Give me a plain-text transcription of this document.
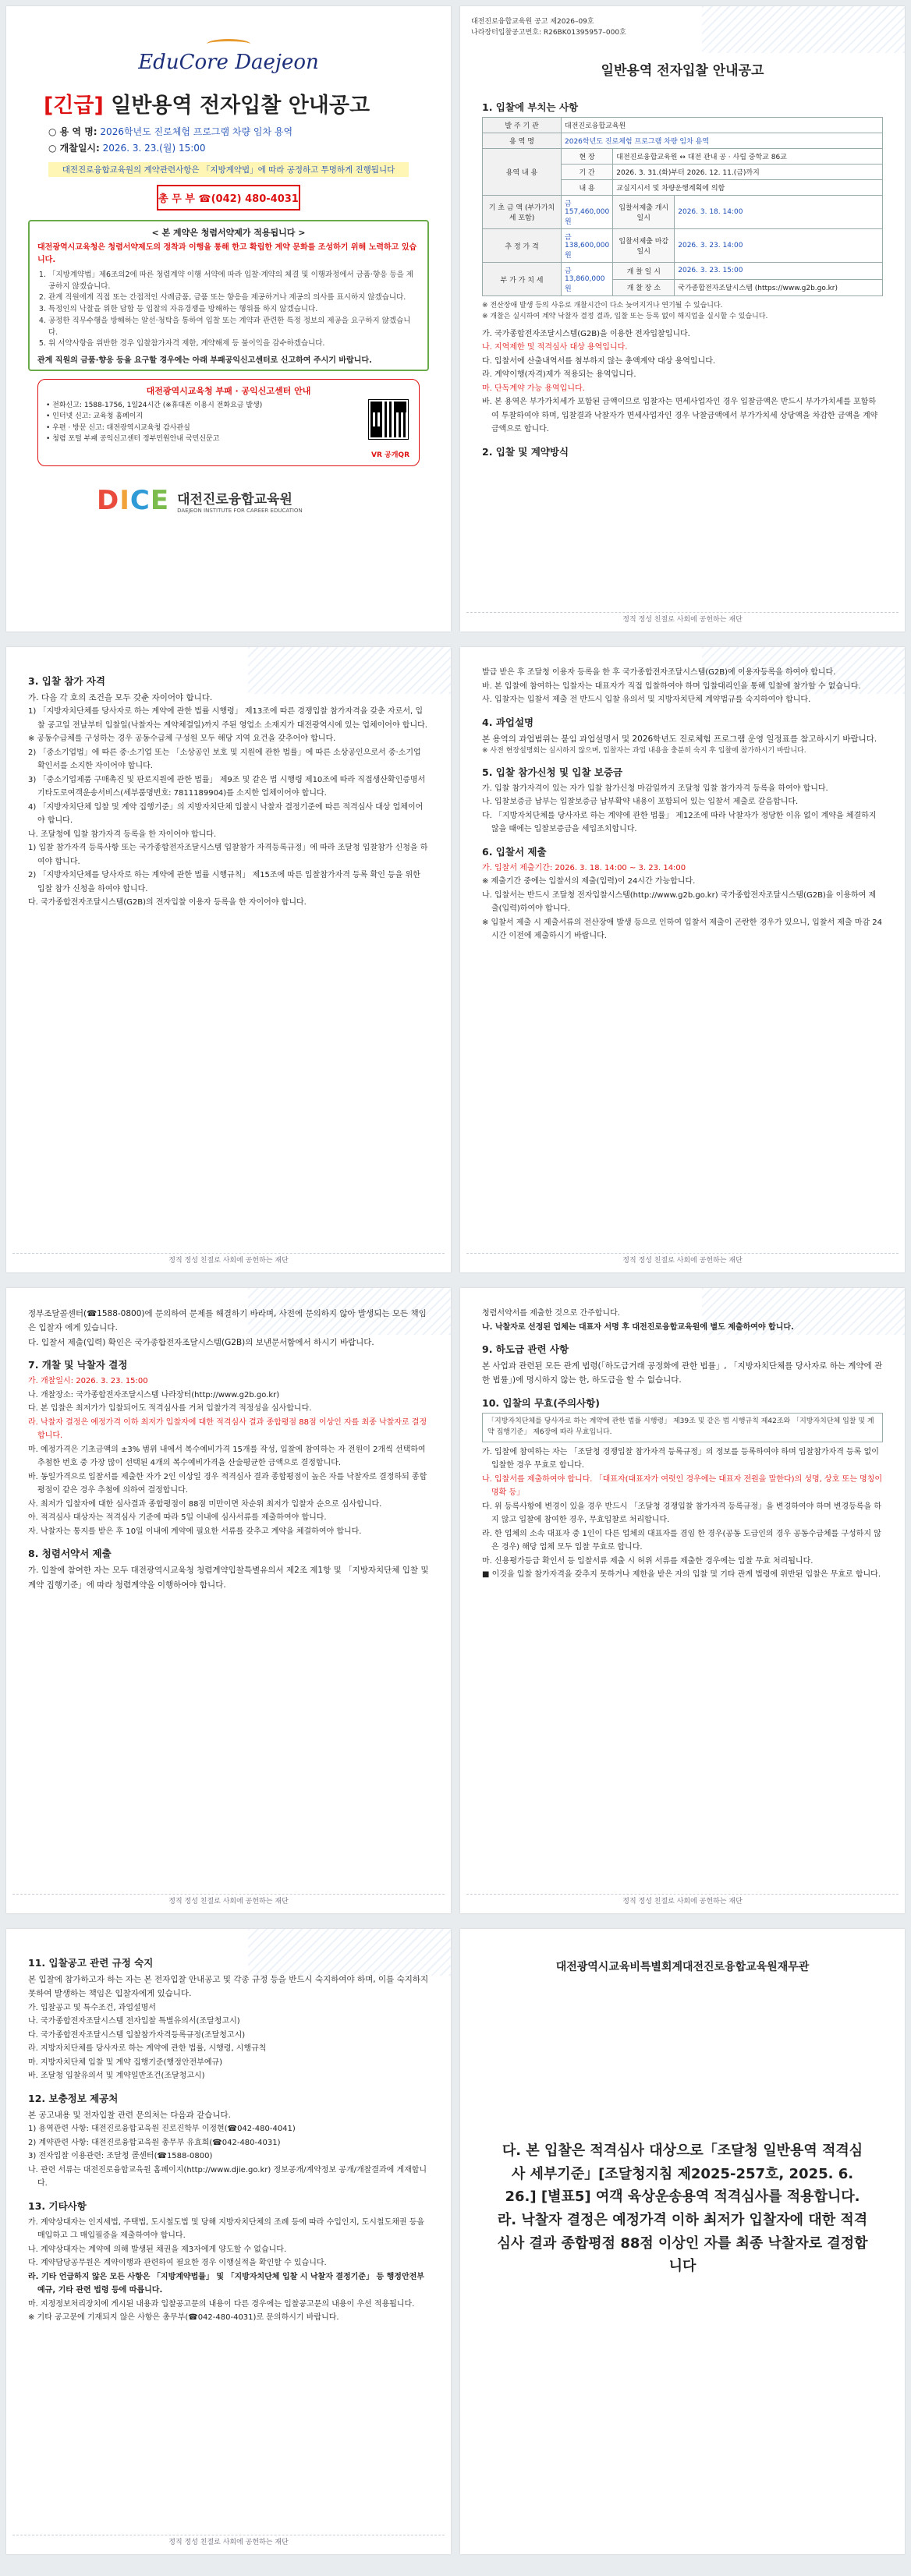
EduCore Daejeon
[긴급] 일반용역 전자입찰 안내공고
○ 용 역 명: 2026학년도 진로체험 프로그램 차량 임차 용역
○ 개찰일시: 2026. 3. 23.(월) 15:00
대전진로융합교육원의 계약관련사항은 「지방계약법」에 따라 공정하고 투명하게 진행됩니다
총 무 부 ☎(042) 480-4031
< 본 계약은 청렴서약제가 적용됩니다 >
대전광역시교육청은 청렴서약제도의 정착과 이행을 통해 한고 확립한 계약 문화를 조성하기 위해 노력하고 있습니다.
1. 「지방계약법」제6조의2에 따른 청렴계약 이행 서약에 따라 입찰·계약의 체결 및 이행과정에서 금품·향응 등을 제공하지 않겠습니다.
2. 관계 직원에게 직접 또는 간접적인 사례금품, 금품 또는 향응을 제공하거나 제공의 의사를 표시하지 않겠습니다.
3. 특정인의 낙찰을 위한 담합 등 입찰의 자유경쟁을 방해하는 행위를 하지 않겠습니다.
4. 공정한 직무수행을 방해하는 알선·청탁을 통하여 입찰 또는 계약과 관련한 특정 정보의 제공을 요구하지 않겠습니다.
5. 위 서약사항을 위반한 경우 입찰참가자격 제한, 계약해제 등 불이익을 감수하겠습니다.
관계 직원의 금품·향응 등을 요구할 경우에는 아래 부패공익신고센터로 신고하여 주시기 바랍니다.
대전광역시교육청 부패 · 공익신고센터 안내
• 전화신고: 1588-1756, 1일24시간 (※휴대폰 이용시 전화요금 발생)
• 인터넷 신고: 교육청 홈페이지
• 우편 · 방문 신고: 대전광역시교육청 감사관실
• 청렴 포털 부패 공익신고센터 정부민원안내 국민신문고
VR 공개QR
DICE 대전진로융합교육원
DAEJEON INSTITUTE FOR CAREER EDUCATION
대전진로융합교육원 공고 제2026–09호
나라장터입찰공고번호: R26BK01395957–000호
일반용역 전자입찰 안내공고
1. 입찰에 부치는 사항
발 주 기 관	대전진로융합교육원		
용 역 명	2026학년도 진로체험 프로그램 차량 임차 용역		
용역 내 용	현 장	대전진로융합교육원 ↔ 대전 관내 공 · 사립 중학교 86교	
	기 간	2026. 3. 31.(화)부터 2026. 12. 11.(금)까지	
	내 용	교실지시서 및 차량운행계획에 의함	
기 초 금 액 (부가가치세 포함)	금157,460,000원	입찰서제출 개시일시	2026. 3. 18. 14:00
추 정 가 격	금138,600,000원	입찰서제출 마감일시	2026. 3. 23. 14:00
부 가 가 치 세	금13,860,000원	개 찰 일 시	2026. 3. 23. 15:00
		개 찰 장 소	국가종합전자조달시스템 (https://www.g2b.go.kr)
※ 전산장애 발생 등의 사유로 개찰시간이 다소 늦어지거나 연기될 수 있습니다.
※ 개찰은 실시하여 계약 낙찰자 결정 결과, 입찰 또는 등록 없이 해지업을 실시할 수 있습니다.
가. 국가종합전자조달시스템(G2B)을 이용한 전자입찰입니다.
나. 지역제한 및 적격심사 대상 용역입니다.
다. 입찰서에 산출내역서를 첨부하지 않는 총액계약 대상 용역입니다.
라. 계약이행(자격)제가 적용되는 용역입니다.
마. 단독계약 가능 용역입니다.
바. 본 용역은 부가가치세가 포함된 금액이므로 입찰자는 면세사업자인 경우 입찰금액은 반드시 부가가치세를 포함하여 투찰하여야 하며, 입찰결과 낙찰자가 면세사업자인 경우 낙찰금액에서 부가가치세 상당액을 차감한 금액을 계약금액으로 합니다.
2. 입찰 및 계약방식
정직 정성 친절로 사회에 공헌하는 재단
3. 입찰 참가 자격
가. 다음 각 호의 조건을 모두 갖춘 자이어야 합니다.
1) 「지방자치단체를 당사자로 하는 계약에 관한 법률 시행령」 제13조에 따른 경쟁입찰 참가자격을 갖춘 자로서, 입찰 공고일 전날부터 입찰일(낙찰자는 계약체결일)까지 주된 영업소 소재지가 대전광역시에 있는 업체이어야 합니다.
※ 공동수급체를 구성하는 경우 공동수급체 구성원 모두 해당 지역 요건을 갖추어야 합니다.
2) 「중소기업법」에 따른 중·소기업 또는 「소상공인 보호 및 지원에 관한 법률」에 따른 소상공인으로서 중·소기업 확인서를 소지한 자이어야 합니다.
3) 「중소기업제품 구매촉진 및 판로지원에 관한 법률」 제9조 및 같은 법 시행령 제10조에 따라 직접생산확인증명서 기타도로여객운송서비스(세부품명번호: 7811189904)를 소지한 업체이어야 합니다.
4) 「지방자치단체 입찰 및 계약 집행기준」의 지방자치단체 입찰시 낙찰자 결정기준에 따른 적격심사 대상 업체이어야 합니다.
나. 조달청에 입찰 참가자격 등록을 한 자이어야 합니다.
1) 입찰 참가자격 등록사항 또는 국가종합전자조달시스템 입찰참가 자격등록규정」에 따라 조달청 입찰참가 신청을 하여야 합니다.
2) 「지방자치단체를 당사자로 하는 계약에 관한 법률 시행규칙」 제15조에 따른 입찰참가자격 등록 확인 등을 위한 입찰 참가 신청을 하여야 합니다.
다. 국가종합전자조달시스템(G2B)의 전자입찰 이용자 등록을 한 자이어야 합니다.
정직 정성 친절로 사회에 공헌하는 재단
발급 받은 후 조달청 이용자 등록을 한 후 국가종합전자조달시스템(G2B)에 이용자등록을 하여야 합니다.
바. 본 입찰에 참여하는 입찰자는 대표자가 직접 입찰하여야 하며 입찰대리인을 통해 입찰에 참가할 수 없습니다.
사. 입찰자는 입찰서 제출 전 반드시 입찰 유의서 및 지방자치단체 계약법규를 숙지하여야 합니다.
4. 과업설명
본 용역의 과업범위는 붙임 과업설명서 및 2026학년도 진로체험 프로그램 운영 일정표를 참고하시기 바랍니다.
※ 사전 현장설명회는 실시하지 않으며, 입찰자는 과업 내용을 충분히 숙지 후 입찰에 참가하시기 바랍니다.
5. 입찰 참가신청 및 입찰 보증금
가. 입찰 참가자격이 있는 자가 입찰 참가신청 마감일까지 조달청 입찰 참가자격 등록을 하여야 합니다.
나. 입찰보증금 납부는 입찰보증금 납부확약 내용이 포함되어 있는 입찰서 제출로 갈음합니다.
다. 「지방자치단체를 당사자로 하는 계약에 관한 법률」 제12조에 따라 낙찰자가 정당한 이유 없이 계약을 체결하지 않을 때에는 입찰보증금을 세입조치합니다.
6. 입찰서 제출
가. 입찰서 제출기간: 2026. 3. 18. 14:00 ~ 3. 23. 14:00
※ 제출기간 중에는 입찰서의 제출(입력)이 24시간 가능합니다.
나. 입찰서는 반드시 조달청 전자입찰시스템(http://www.g2b.go.kr) 국가종합전자조달시스템(G2B)을 이용하여 제출(입력)하여야 합니다.
※ 입찰서 제출 시 제출서류의 전산장애 발생 등으로 인하여 입찰서 제출이 곤란한 경우가 있으니, 입찰서 제출 마감 24시간 이전에 제출하시기 바랍니다.
정직 정성 친절로 사회에 공헌하는 재단
정부조달콜센터(☎1588-0800)에 문의하여 문제를 해결하기 바라며, 사전에 문의하지 않아 발생되는 모든 책임은 입찰자 에게 있습니다.
다. 입찰서 제출(입력) 확인은 국가종합전자조달시스템(G2B)의 보낸문서함에서 하시기 바랍니다.
7. 개찰 및 낙찰자 결정
가. 개찰일시: 2026. 3. 23. 15:00
나. 개찰장소: 국가종합전자조달시스템 나라장터(http://www.g2b.go.kr)
다. 본 입찰은 최저가가 입찰되어도 적격심사를 거쳐 입찰가격 적정성을 심사합니다.
라. 낙찰자 결정은 예정가격 이하 최저가 입찰자에 대한 적격심사 결과 종합평점 88점 이상인 자를 최종 낙찰자로 결정합니다.
마. 예정가격은 기초금액의 ±3% 범위 내에서 복수예비가격 15개를 작성, 입찰에 참여하는 자 전원이 2개씩 선택하여 추첨한 번호 중 가장 많이 선택된 4개의 복수예비가격을 산술평균한 금액으로 결정합니다.
바. 동일가격으로 입찰서를 제출한 자가 2인 이상일 경우 적격심사 결과 종합평점이 높은 자를 낙찰자로 결정하되 종합평점이 같은 경우 추첨에 의하여 결정합니다.
사. 최저가 입찰자에 대한 심사결과 종합평점이 88점 미만이면 차순위 최저가 입찰자 순으로 심사합니다.
아. 적격심사 대상자는 적격심사 기준에 따라 5일 이내에 심사서류를 제출하여야 합니다.
자. 낙찰자는 통지를 받은 후 10일 이내에 계약에 필요한 서류를 갖추고 계약을 체결하여야 합니다.
8. 청렴서약서 제출
가. 입찰에 참여한 자는 모두 대전광역시교육청 청렴계약입찰특별유의서 제2조 제1항 및 「지방자치단체 입찰 및 계약 집행기준」에 따라 청렴계약을 이행하여야 합니다.
정직 정성 친절로 사회에 공헌하는 재단
청렴서약서를 제출한 것으로 간주합니다.
나. 낙찰자로 선정된 업체는 대표자 서명 후 대전진로융합교육원에 별도 제출하여야 합니다.
9. 하도급 관련 사항
본 사업과 관련된 모든 관계 법령(「하도급거래 공정화에 관한 법률」, 「지방자치단체를 당사자로 하는 계약에 관한 법률」)에 명시하지 않는 한, 하도급을 할 수 없습니다.
10. 입찰의 무효(주의사항)
「지방자치단체를 당사자로 하는 계약에 관한 법률 시행령」 제39조 및 같은 법 시행규칙 제42조와 「지방자치단체 입찰 및 계약 집행기준」 제6장에 따라 무효입니다.
가. 입찰에 참여하는 자는 「조달청 경쟁입찰 참가자격 등록규정」의 정보를 등록하여야 하며 입찰참가자격 등록 없이 입찰한 경우 무효로 합니다.
나. 입찰서를 제출하여야 합니다. 「대표자(대표자가 여럿인 경우에는 대표자 전원을 말한다)의 성명, 상호 또는 명칭이 명확 등」
다. 위 등록사항에 변경이 있을 경우 반드시 「조달청 경쟁입찰 참가자격 등록규정」을 변경하여야 하며 변경등록을 하지 않고 입찰에 참여한 경우, 무효입찰로 처리합니다.
라. 한 업체의 소속 대표자 중 1인이 다른 업체의 대표자를 겸임 한 경우(공동 도급인의 경우 공동수급체를 구성하지 않은 경우) 해당 업체 모두 입찰 무효로 합니다.
마. 신용평가등급 확인서 등 입찰서류 제출 시 허위 서류를 제출한 경우에는 입찰 무효 처리됩니다.
■ 이것을 입찰 참가자격을 갖추지 못하거나 제한을 받은 자의 입찰 및 기타 관계 법령에 위반된 입찰은 무효로 합니다.
정직 정성 친절로 사회에 공헌하는 재단
11. 입찰공고 관련 규정 숙지
본 입찰에 참가하고자 하는 자는 본 전자입찰 안내공고 및 각종 규정 등을 반드시 숙지하여야 하며, 이를 숙지하지 못하여 발생하는 책임은 입찰자에게 있습니다.
가. 입찰공고 및 특수조건, 과업설명서
나. 국가종합전자조달시스템 전자입찰 특별유의서(조달청고시)
다. 국가종합전자조달시스템 입찰참가자격등록규정(조달청고시)
라. 지방자치단체를 당사자로 하는 계약에 관한 법률, 시행령, 시행규칙
마. 지방자치단체 입찰 및 계약 집행기준(행정안전부예규)
바. 조달청 입찰유의서 및 계약일반조건(조달청고시)
12. 보충정보 제공처
본 공고내용 및 전자입찰 관련 문의처는 다음과 같습니다.
1) 용역관련 사항: 대전진로융합교육원 진로진학부 이정현(☎042-480-4041)
2) 계약관련 사항: 대전진로융합교육원 총무부 유효희(☎042-480-4031)
3) 전자입찰 이용관련: 조달청 콜센터(☎1588-0800)
나. 관련 서류는 대전진로융합교육원 홈페이지(http://www.djie.go.kr) 정보공개/계약정보 공개/개찰결과에 게재합니다.
13. 기타사항
가. 계약상대자는 인지세법, 주택법, 도시철도법 및 당해 지방자치단체의 조례 등에 따라 수입인지, 도시철도채권 등을 매입하고 그 매입필증을 제출하여야 합니다.
나. 계약상대자는 계약에 의해 발생된 채권을 제3자에게 양도할 수 없습니다.
다. 계약담당공무원은 계약이행과 관련하여 필요한 경우 이행실적을 확인할 수 있습니다.
라. 기타 언급하지 않은 모든 사항은 「지방계약법률」 및 「지방자치단체 입찰 시 낙찰자 결정기준」 등 행정안전부 예규, 기타 관련 법령 등에 따릅니다.
마. 지정정보처리장치에 게시된 내용과 입찰공고문의 내용이 다른 경우에는 입찰공고문의 내용이 우선 적용됩니다.
※ 기타 공고문에 기재되지 않은 사항은 총무부(☎042-480-4031)로 문의하시기 바랍니다.
정직 정성 친절로 사회에 공헌하는 재단
대전광역시교육비특별회계대전진로융합교육원재무관
다. 본 입찰은 적격심사 대상으로「조달청 일반용역 적격심사 세부기준」[조달청지침 제2025-257호, 2025. 6. 26.] [별표5] 여객 육상운송용역 적격심사를 적용합니다. 라. 낙찰자 결정은 예정가격 이하 최저가 입찰자에 대한 적격심사 결과 종합평점 88점 이상인 자를 최종 낙찰자로 결정합니다
